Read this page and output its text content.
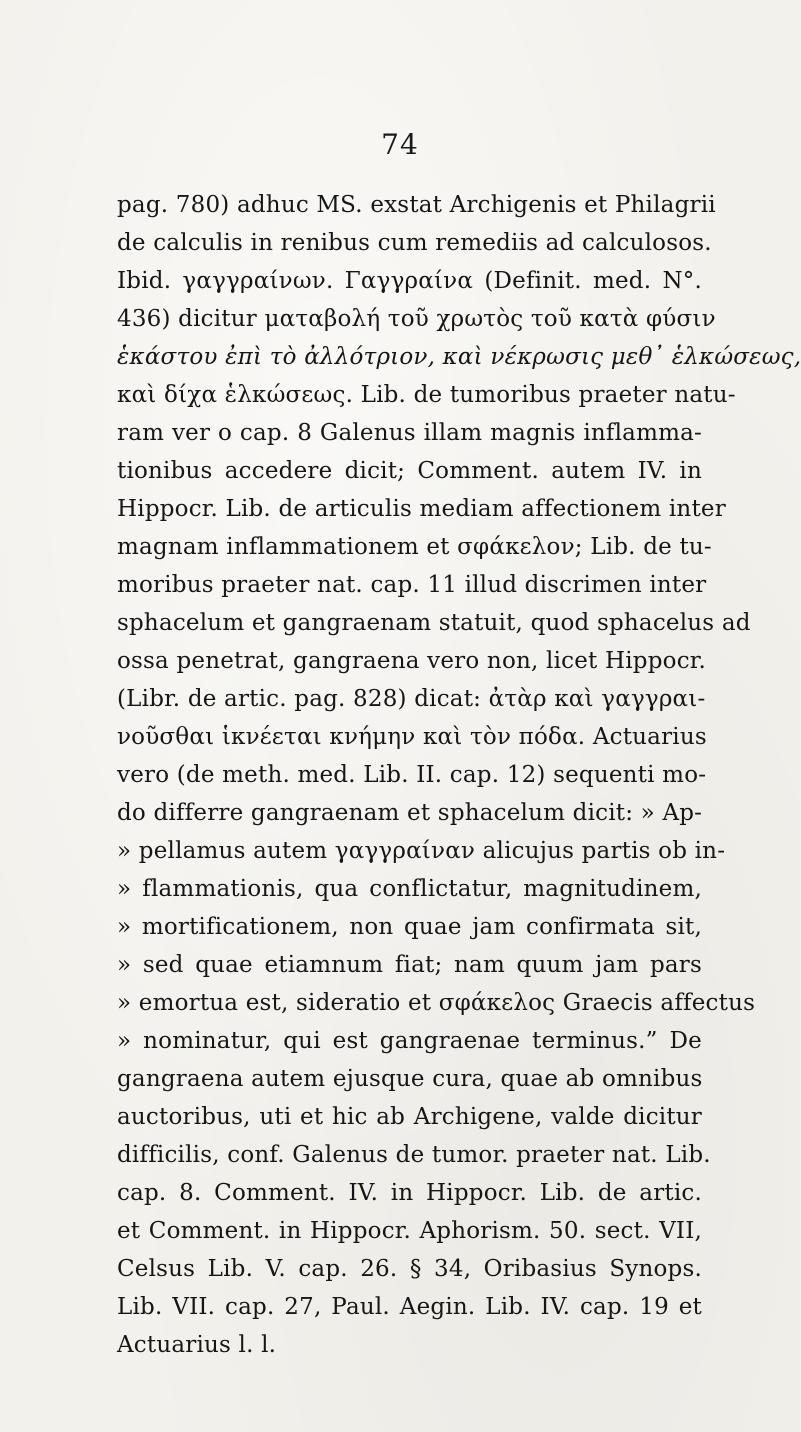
74
pag. 780) adhuc MS. exstat Archigenis et Philagrii
de calculis in renibus cum remediis ad calculosos.
Ibid. γαγγραίνων. Γαγγραίνα (Definit. med. N°.
436) dicitur ματαβολή τοῦ χρωτὸς τοῦ κατὰ φύσιν
ἑκάστου ἐπὶ τὸ ἀλλότριον, καὶ νέκρωσις μεθ᾽ ἑλκώσεως,
καὶ δίχα ἑλκώσεως. Lib. de tumoribus praeter natu-
ram ver o cap. 8 Galenus illam magnis inflamma-
tionibus accedere dicit; Comment. autem IV. in
Hippocr. Lib. de articulis mediam affectionem inter
magnam inflammationem et σφάκελον; Lib. de tu-
moribus praeter nat. cap. 11 illud discrimen inter
sphacelum et gangraenam statuit, quod sphacelus ad
ossa penetrat, gangraena vero non, licet Hippocr.
(Libr. de artic. pag. 828) dicat: ἀτὰρ καὶ γαγγραι-
νοῦσθαι ἱκνέεται κνήμην καὶ τὸν πόδα. Actuarius
vero (de meth. med. Lib. II. cap. 12) sequenti mo-
do differre gangraenam et sphacelum dicit: » Ap-
» pellamus autem γαγγραίναν alicujus partis ob in-
» flammationis, qua conflictatur, magnitudinem,
» mortificationem, non quae jam confirmata sit,
» sed quae etiamnum fiat; nam quum jam pars
» emortua est, sideratio et σφάκελος Graecis affectus
» nominatur, qui est gangraenae terminus.” De
gangraena autem ejusque cura, quae ab omnibus
auctoribus, uti et hic ab Archigene, valde dicitur
difficilis, conf. Galenus de tumor. praeter nat. Lib.
cap. 8. Comment. IV. in Hippocr. Lib. de artic.
et Comment. in Hippocr. Aphorism. 50. sect. VII,
Celsus Lib. V. cap. 26. § 34, Oribasius Synops.
Lib. VII. cap. 27, Paul. Aegin. Lib. IV. cap. 19 et
Actuarius l. l.
